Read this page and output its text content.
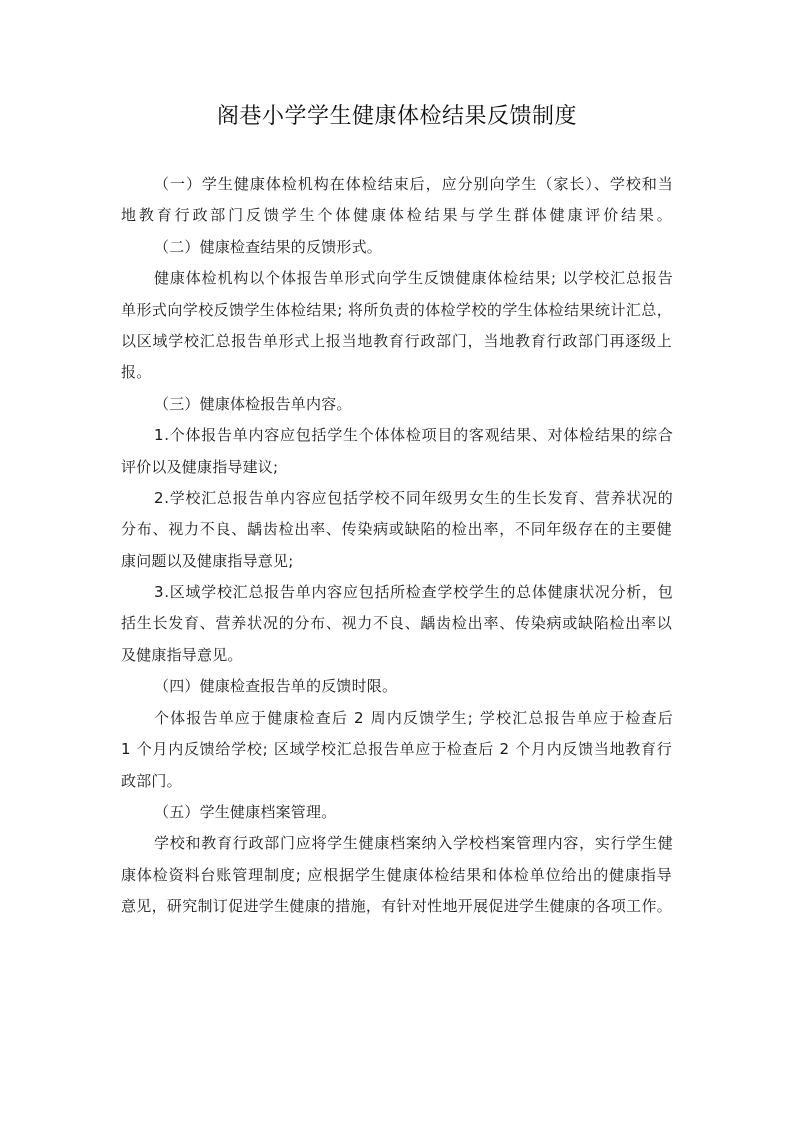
阁巷小学学生健康体检结果反馈制度
（一）学生健康体检机构在体检结束后，应分别向学生（家长）、学校和当
地教育行政部门反馈学生个体健康体检结果与学生群体健康评价结果。
（二）健康检查结果的反馈形式。
健康体检机构以个体报告单形式向学生反馈健康体检结果; 以学校汇总报告
单形式向学校反馈学生体检结果; 将所负责的体检学校的学生体检结果统计汇总，
以区域学校汇总报告单形式上报当地教育行政部门，当地教育行政部门再逐级上
报。
（三）健康体检报告单内容。
1.个体报告单内容应包括学生个体体检项目的客观结果、对体检结果的综合
评价以及健康指导建议;
2.学校汇总报告单内容应包括学校不同年级男女生的生长发育、营养状况的
分布、视力不良、龋齿检出率、传染病或缺陷的检出率，不同年级存在的主要健
康问题以及健康指导意见;
3.区域学校汇总报告单内容应包括所检查学校学生的总体健康状况分析，包
括生长发育、营养状况的分布、视力不良、龋齿检出率、传染病或缺陷检出率以
及健康指导意见。
（四）健康检查报告单的反馈时限。
个体报告单应于健康检查后 2 周内反馈学生; 学校汇总报告单应于检查后
1 个月内反馈给学校; 区域学校汇总报告单应于检查后 2 个月内反馈当地教育行
政部门。
（五）学生健康档案管理。
学校和教育行政部门应将学生健康档案纳入学校档案管理内容，实行学生健
康体检资料台账管理制度; 应根据学生健康体检结果和体检单位给出的健康指导
意见，研究制订促进学生健康的措施，有针对性地开展促进学生健康的各项工作。
